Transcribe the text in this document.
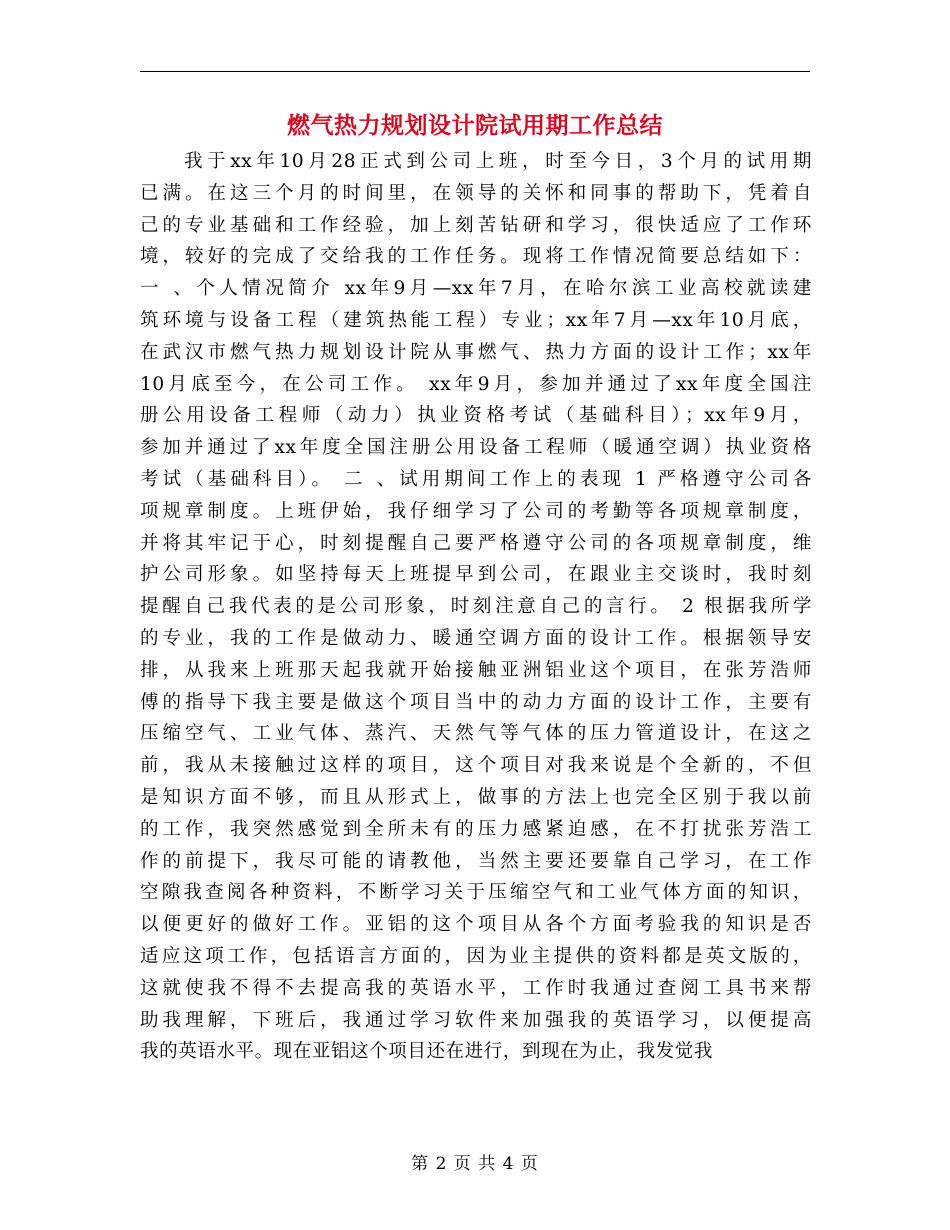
燃气热力规划设计院试用期工作总结
我于xx年10月28正式到公司上班，时至今日，3个月的试用期
已满。在这三个月的时间里，在领导的关怀和同事的帮助下，凭着自
己的专业基础和工作经验，加上刻苦钻研和学习，很快适应了工作环
境，较好的完成了交给我的工作任务。现将工作情况简要总结如下：
一 、个人情况简介 xx年9月—xx年7月，在哈尔滨工业高校就读建
筑环境与设备工程（建筑热能工程）专业；xx年7月—xx年10月底，
在武汉市燃气热力规划设计院从事燃气、热力方面的设计工作；xx年
10月底至今，在公司工作。 xx年9月，参加并通过了xx年度全国注
册公用设备工程师（动力）执业资格考试（基础科目）；xx年9月，
参加并通过了xx年度全国注册公用设备工程师（暖通空调）执业资格
考试（基础科目）。 二 、试用期间工作上的表现 1 严格遵守公司各
项规章制度。上班伊始，我仔细学习了公司的考勤等各项规章制度，
并将其牢记于心，时刻提醒自己要严格遵守公司的各项规章制度，维
护公司形象。如坚持每天上班提早到公司，在跟业主交谈时，我时刻
提醒自己我代表的是公司形象，时刻注意自己的言行。 2 根据我所学
的专业，我的工作是做动力、暖通空调方面的设计工作。根据领导安
排，从我来上班那天起我就开始接触亚洲铝业这个项目，在张芳浩师
傅的指导下我主要是做这个项目当中的动力方面的设计工作，主要有
压缩空气、工业气体、蒸汽、天然气等气体的压力管道设计，在这之
前，我从未接触过这样的项目，这个项目对我来说是个全新的，不但
是知识方面不够，而且从形式上，做事的方法上也完全区别于我以前
的工作，我突然感觉到全所未有的压力感紧迫感，在不打扰张芳浩工
作的前提下，我尽可能的请教他，当然主要还要靠自己学习，在工作
空隙我查阅各种资料，不断学习关于压缩空气和工业气体方面的知识，
以便更好的做好工作。亚铝的这个项目从各个方面考验我的知识是否
适应这项工作，包括语言方面的，因为业主提供的资料都是英文版的，
这就使我不得不去提高我的英语水平，工作时我通过查阅工具书来帮
助我理解，下班后，我通过学习软件来加强我的英语学习，以便提高
我的英语水平。现在亚铝这个项目还在进行，到现在为止，我发觉我
第 2 页 共 4 页
